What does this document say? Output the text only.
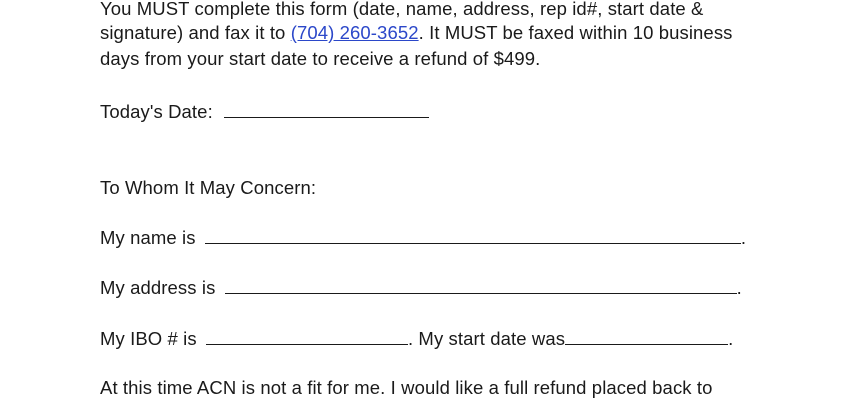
You MUST complete this form (date, name, address, rep id#, start date &
signature) and fax it to (704) 260-3652. It MUST be faxed within 10 business
days from your start date to receive a refund of $499.
Today's Date:
To Whom It May Concern:
My name is	.
My address is	.
My IBO # is	. My start date was	.
At this time ACN is not a fit for me. I would like a full refund placed back to
